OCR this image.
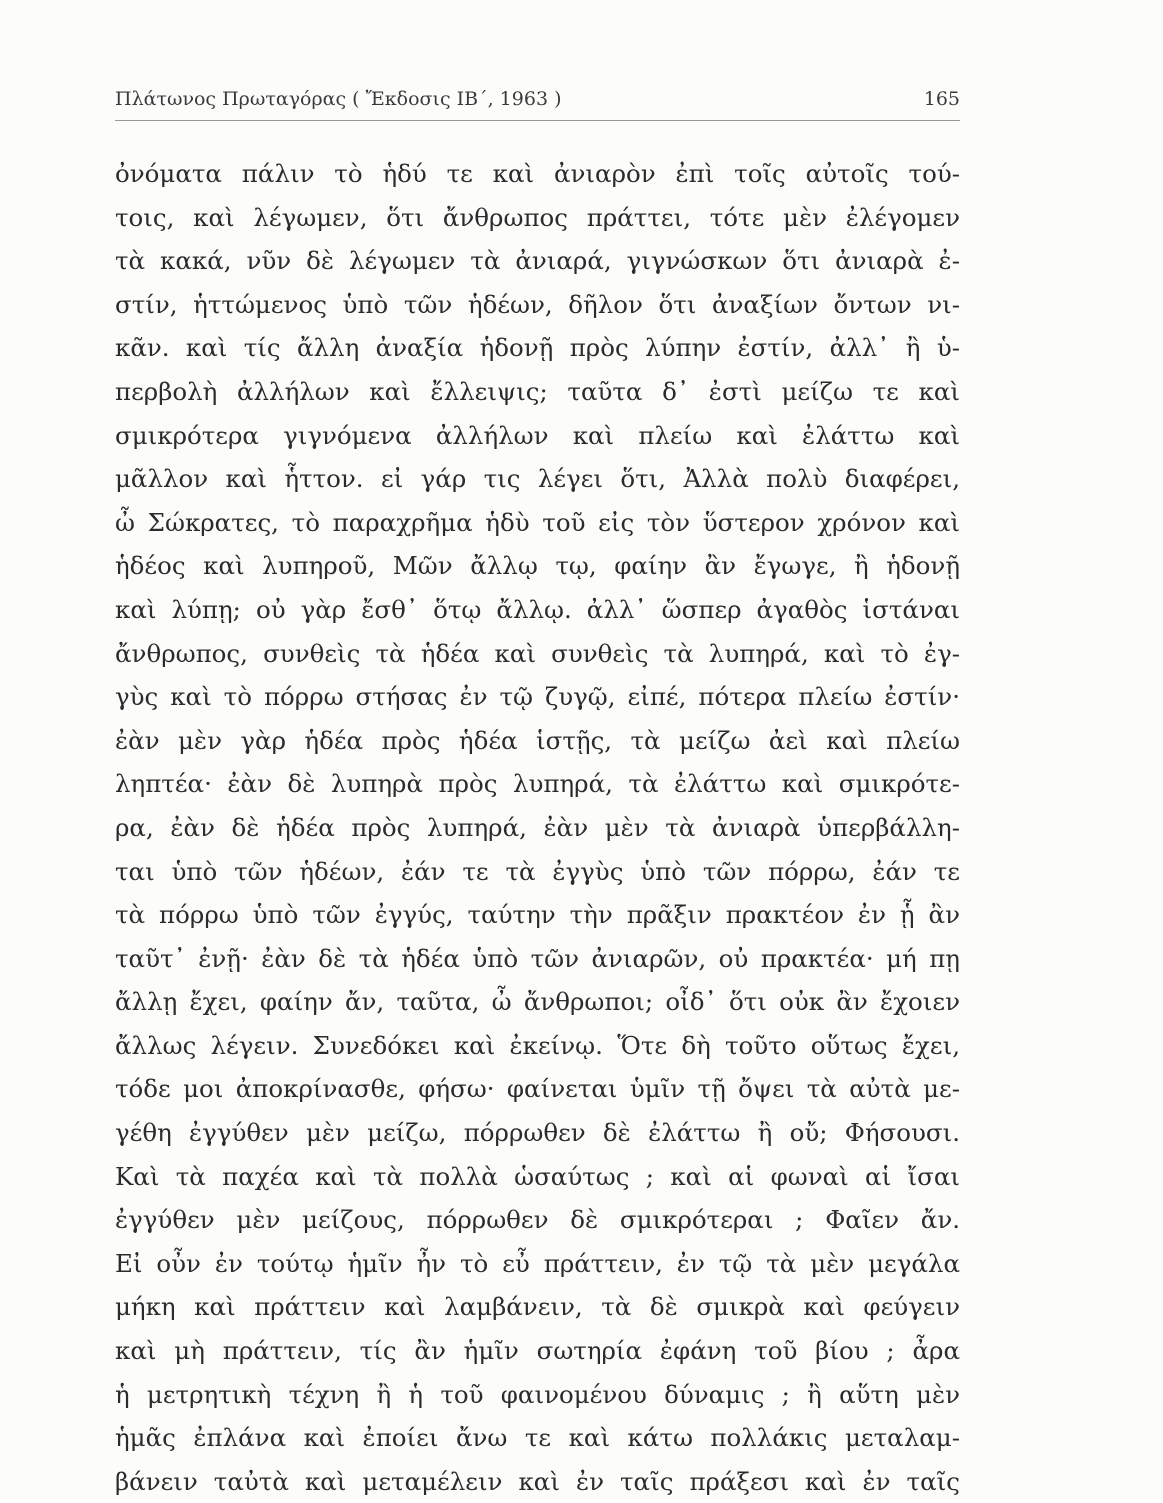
Πλάτωνος Πρωταγόρας ( Ἔκδοσις ΙΒ΄, 1963 )	165
ὀνόματα πάλιν τὸ ἡδύ τε καὶ ἀνιαρὸν ἐπὶ τοῖς αὐτοῖς τού-
τοις, καὶ λέγωμεν, ὅτι ἄνθρωπος πράττει, τότε μὲν ἐλέγομεν
τὰ κακά, νῦν δὲ λέγωμεν τὰ ἀνιαρά, γιγνώσκων ὅτι ἀνιαρὰ ἐ-
στίν, ἡττώμενος ὑπὸ τῶν ἡδέων, δῆλον ὅτι ἀναξίων ὄντων νι-
κᾶν. καὶ τίς ἄλλη ἀναξία ἡδονῇ πρὸς λύπην ἐστίν, ἀλλ᾽ ἢ ὑ-
περβολὴ ἀλλήλων καὶ ἔλλειψις; ταῦτα δ᾽ ἐστὶ μείζω τε καὶ
σμικρότερα γιγνόμενα ἀλλήλων καὶ πλείω καὶ ἐλάττω καὶ
μᾶλλον καὶ ἧττον. εἰ γάρ τις λέγει ὅτι, Ἀλλὰ πολὺ διαφέρει,
ὦ Σώκρατες, τὸ παραχρῆμα ἡδὺ τοῦ εἰς τὸν ὕστερον χρόνον καὶ
ἡδέος καὶ λυπηροῦ, Μῶν ἄλλῳ τῳ, φαίην ἂν ἔγωγε, ἢ ἡδονῇ
καὶ λύπῃ; οὐ γὰρ ἔσθ᾽ ὅτῳ ἄλλῳ. ἀλλ᾽ ὥσπερ ἀγαθὸς ἱστάναι
ἄνθρωπος, συνθεὶς τὰ ἡδέα καὶ συνθεὶς τὰ λυπηρά, καὶ τὸ ἐγ-
γὺς καὶ τὸ πόρρω στήσας ἐν τῷ ζυγῷ, εἰπέ, πότερα πλείω ἐστίν·
ἐὰν μὲν γὰρ ἡδέα πρὸς ἡδέα ἱστῇς, τὰ μείζω ἀεὶ καὶ πλείω
ληπτέα· ἐὰν δὲ λυπηρὰ πρὸς λυπηρά, τὰ ἐλάττω καὶ σμικρότε-
ρα, ἐὰν δὲ ἡδέα πρὸς λυπηρά, ἐὰν μὲν τὰ ἀνιαρὰ ὑπερβάλλη-
ται ὑπὸ τῶν ἡδέων, ἐάν τε τὰ ἐγγὺς ὑπὸ τῶν πόρρω, ἐάν τε
τὰ πόρρω ὑπὸ τῶν ἐγγύς, ταύτην τὴν πρᾶξιν πρακτέον ἐν ᾗ ἂν
ταῦτ᾽ ἐνῇ· ἐὰν δὲ τὰ ἡδέα ὑπὸ τῶν ἀνιαρῶν, οὐ πρακτέα· μή πῃ
ἄλλῃ ἔχει, φαίην ἄν, ταῦτα, ὦ ἄνθρωποι; οἶδ᾽ ὅτι οὐκ ἂν ἔχοιεν
ἄλλως λέγειν. Συνεδόκει καὶ ἐκείνῳ. Ὅτε δὴ τοῦτο οὕτως ἔχει,
τόδε μοι ἀποκρίνασθε, φήσω· φαίνεται ὑμῖν τῇ ὄψει τὰ αὐτὰ με-
γέθη ἐγγύθεν μὲν μείζω, πόρρωθεν δὲ ἐλάττω ἢ οὔ; Φήσουσι.
Καὶ τὰ παχέα καὶ τὰ πολλὰ ὡσαύτως ; καὶ αἱ φωναὶ αἱ ἴσαι
ἐγγύθεν μὲν μείζους, πόρρωθεν δὲ σμικρότεραι ; Φαῖεν ἄν.
Εἰ οὖν ἐν τούτῳ ἡμῖν ἦν τὸ εὖ πράττειν, ἐν τῷ τὰ μὲν μεγάλα
μήκη καὶ πράττειν καὶ λαμβάνειν, τὰ δὲ σμικρὰ καὶ φεύγειν
καὶ μὴ πράττειν, τίς ἂν ἡμῖν σωτηρία ἐφάνη τοῦ βίου ; ἆρα
ἡ μετρητικὴ τέχνη ἢ ἡ τοῦ φαινομένου δύναμις ; ἢ αὕτη μὲν
ἡμᾶς ἐπλάνα καὶ ἐποίει ἄνω τε καὶ κάτω πολλάκις μεταλαμ-
βάνειν ταὐτὰ καὶ μεταμέλειν καὶ ἐν ταῖς πράξεσι καὶ ἐν ταῖς
